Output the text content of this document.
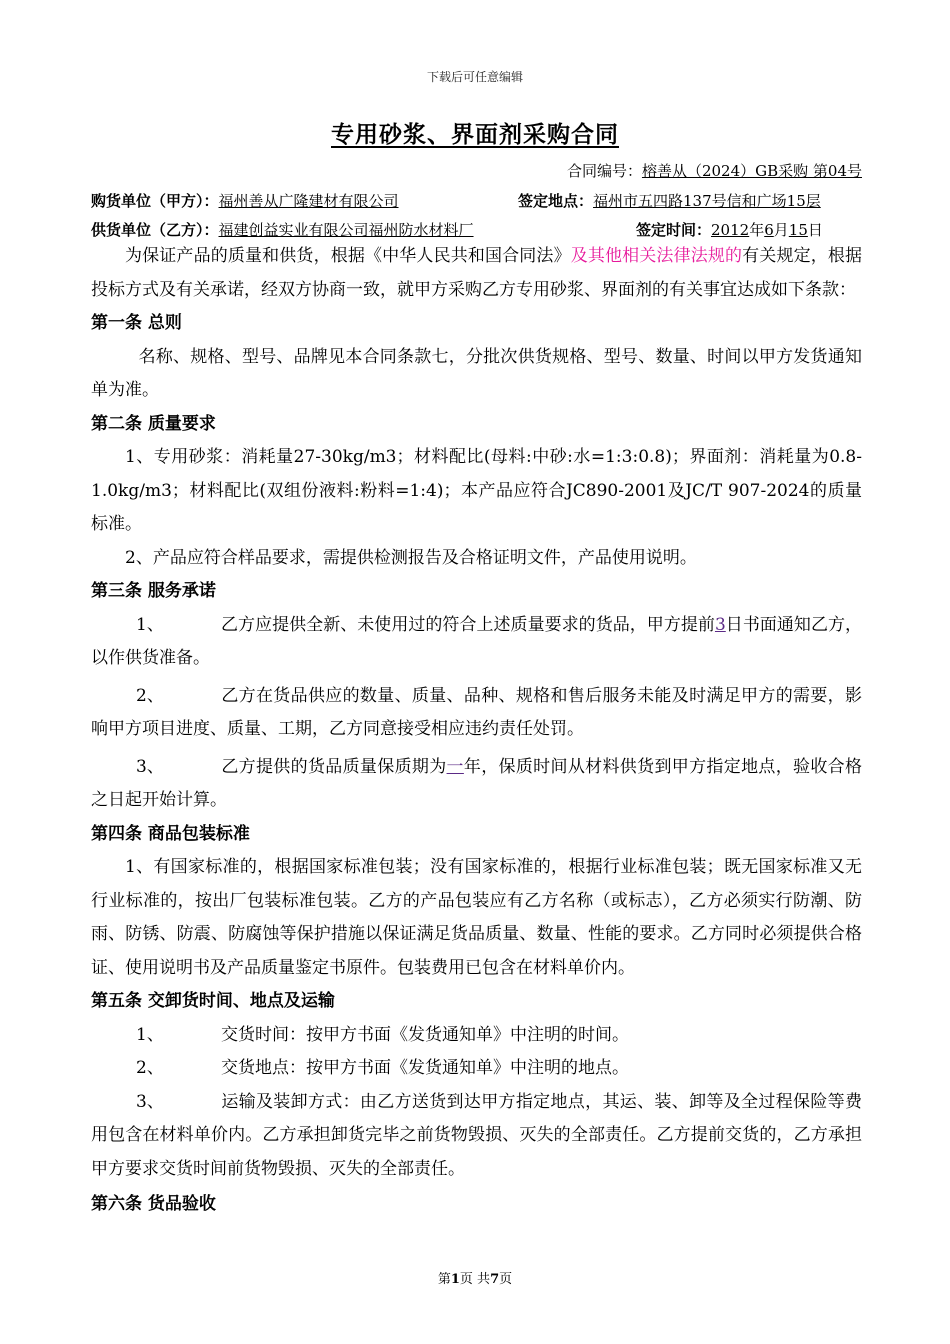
下载后可任意编辑
专用砂浆、界面剂采购合同
合同编号：榕善从（2024）GB采购 第04号
购货单位（甲方）：福州善从广隆建材有限公司	签定地点：福州市五四路137号信和广场15层
供货单位（乙方）：福建创益实业有限公司福州防水材料厂	签定时间：2012年6月15日

为保证产品的质量和供货，根据《中华人民共和国合同法》及其他相关法律法规的有关规定，根据投标方式及有关承诺，经双方协商一致，就甲方采购乙方专用砂浆、界面剂的有关事宜达成如下条款：

第一条 总则

名称、规格、型号、品牌见本合同条款七，分批次供货规格、型号、数量、时间以甲方发货通知单为准。

第二条 质量要求

1、专用砂浆：消耗量27-30kg/m3；材料配比(母料:中砂:水=1:3:0.8)；界面剂：消耗量为0.8-1.0kg/m3；材料配比(双组份液料:粉料=1:4)；本产品应符合JC890-2001及JC/T 907-2024的质量标准。

2、产品应符合样品要求，需提供检测报告及合格证明文件，产品使用说明。

第三条 服务承诺

1、	乙方应提供全新、未使用过的符合上述质量要求的货品，甲方提前3日书面通知乙方，以作供货准备。

2、	乙方在货品供应的数量、质量、品种、规格和售后服务未能及时满足甲方的需要，影响甲方项目进度、质量、工期，乙方同意接受相应违约责任处罚。

3、	乙方提供的货品质量保质期为一年，保质时间从材料供货到甲方指定地点，验收合格之日起开始计算。

第四条 商品包装标准

1、有国家标准的，根据国家标准包装；没有国家标准的，根据行业标准包装；既无国家标准又无行业标准的，按出厂包装标准包装。乙方的产品包装应有乙方名称（或标志），乙方必须实行防潮、防雨、防锈、防震、防腐蚀等保护措施以保证满足货品质量、数量、性能的要求。乙方同时必须提供合格证、使用说明书及产品质量鉴定书原件。包装费用已包含在材料单价内。

第五条 交卸货时间、地点及运输

1、	交货时间：按甲方书面《发货通知单》中注明的时间。

2、	交货地点：按甲方书面《发货通知单》中注明的地点。

3、	运输及装卸方式：由乙方送货到达甲方指定地点，其运、装、卸等及全过程保险等费用包含在材料单价内。乙方承担卸货完毕之前货物毁损、灭失的全部责任。乙方提前交货的，乙方承担甲方要求交货时间前货物毁损、灭失的全部责任。

第六条 货品验收
第1页 共7页
